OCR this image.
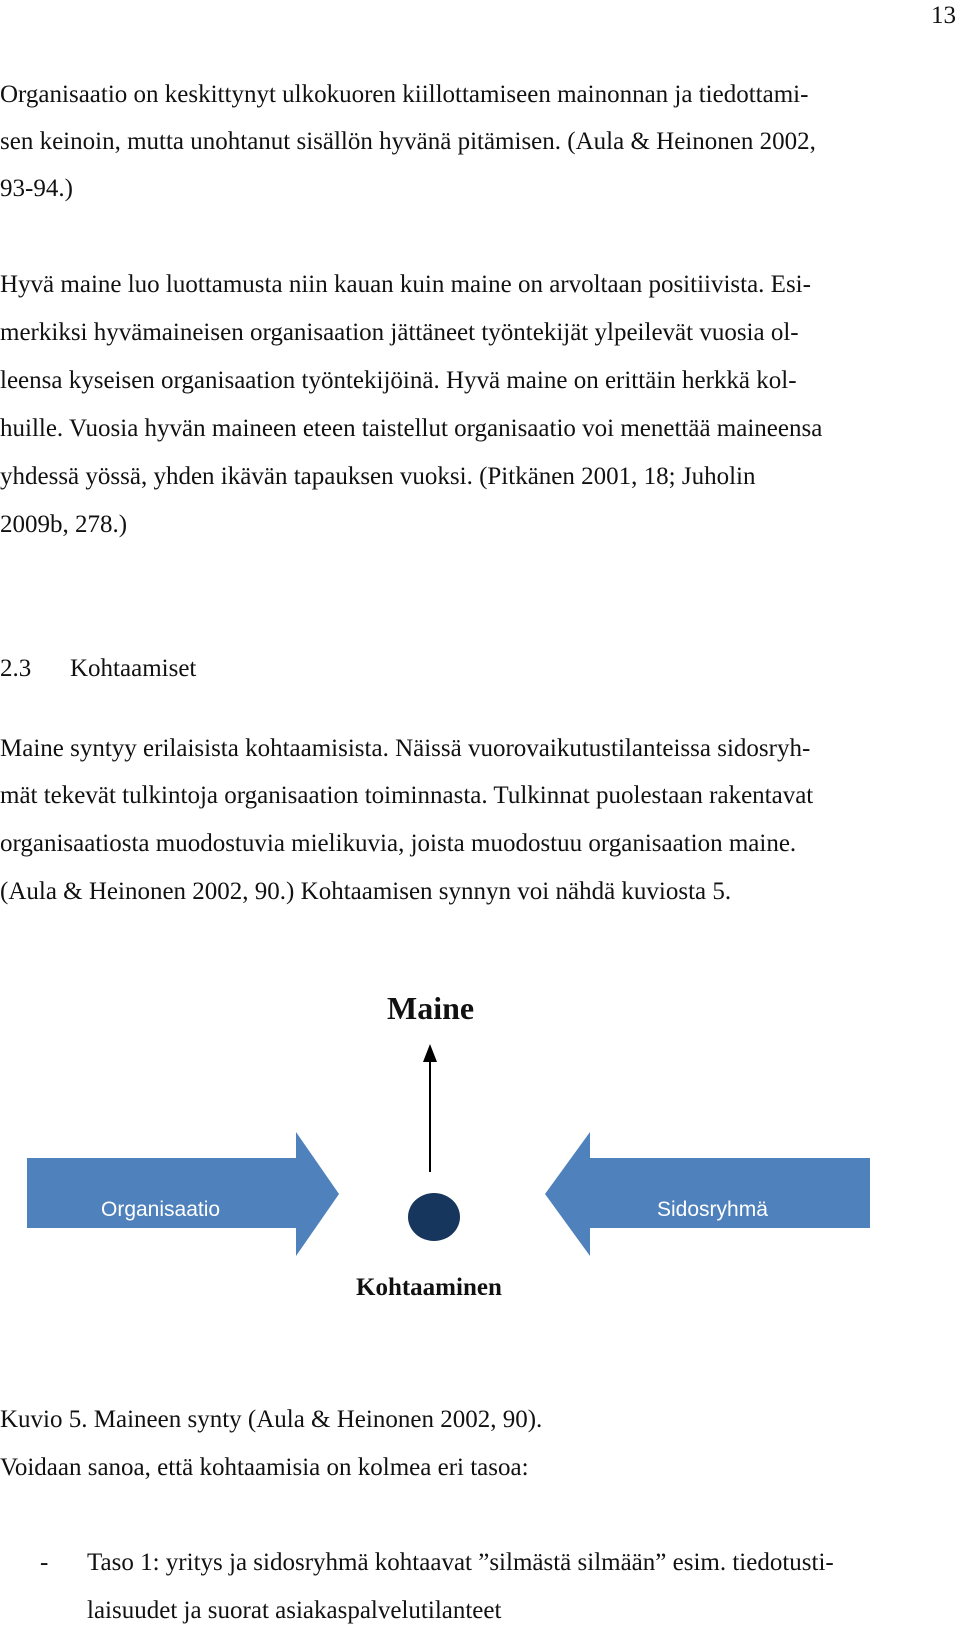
13
Organisaatio on keskittynyt ulkokuoren kiillottamiseen mainonnan ja tiedottami-
sen keinoin, mutta unohtanut sisällön hyvänä pitämisen. (Aula & Heinonen 2002,
93-94.)
Hyvä maine luo luottamusta niin kauan kuin maine on arvoltaan positiivista. Esi-
merkiksi hyvämaineisen organisaation jättäneet työntekijät ylpeilevät vuosia ol-
leensa kyseisen organisaation työntekijöinä. Hyvä maine on erittäin herkkä kol-
huille. Vuosia hyvän maineen eteen taistellut organisaatio voi menettää maineensa
yhdessä yössä, yhden ikävän tapauksen vuoksi. (Pitkänen 2001, 18; Juholin
2009b, 278.)
2.3 Kohtaamiset
Maine syntyy erilaisista kohtaamisista. Näissä vuorovaikutustilanteissa sidosryh-
mät tekevät tulkintoja organisaation toiminnasta. Tulkinnat puolestaan rakentavat
organisaatiosta muodostuvia mielikuvia, joista muodostuu organisaation maine.
(Aula & Heinonen 2002, 90.) Kohtaamisen synnyn voi nähdä kuviosta 5.
Maine
Organisaatio	Sidosryhmä
Kohtaaminen
Kuvio 5. Maineen synty (Aula & Heinonen 2002, 90).
Voidaan sanoa, että kohtaamisia on kolmea eri tasoa:
- Taso 1: yritys ja sidosryhmä kohtaavat ”silmästä silmään” esim. tiedotusti-
laisuudet ja suorat asiakaspalvelutilanteet
